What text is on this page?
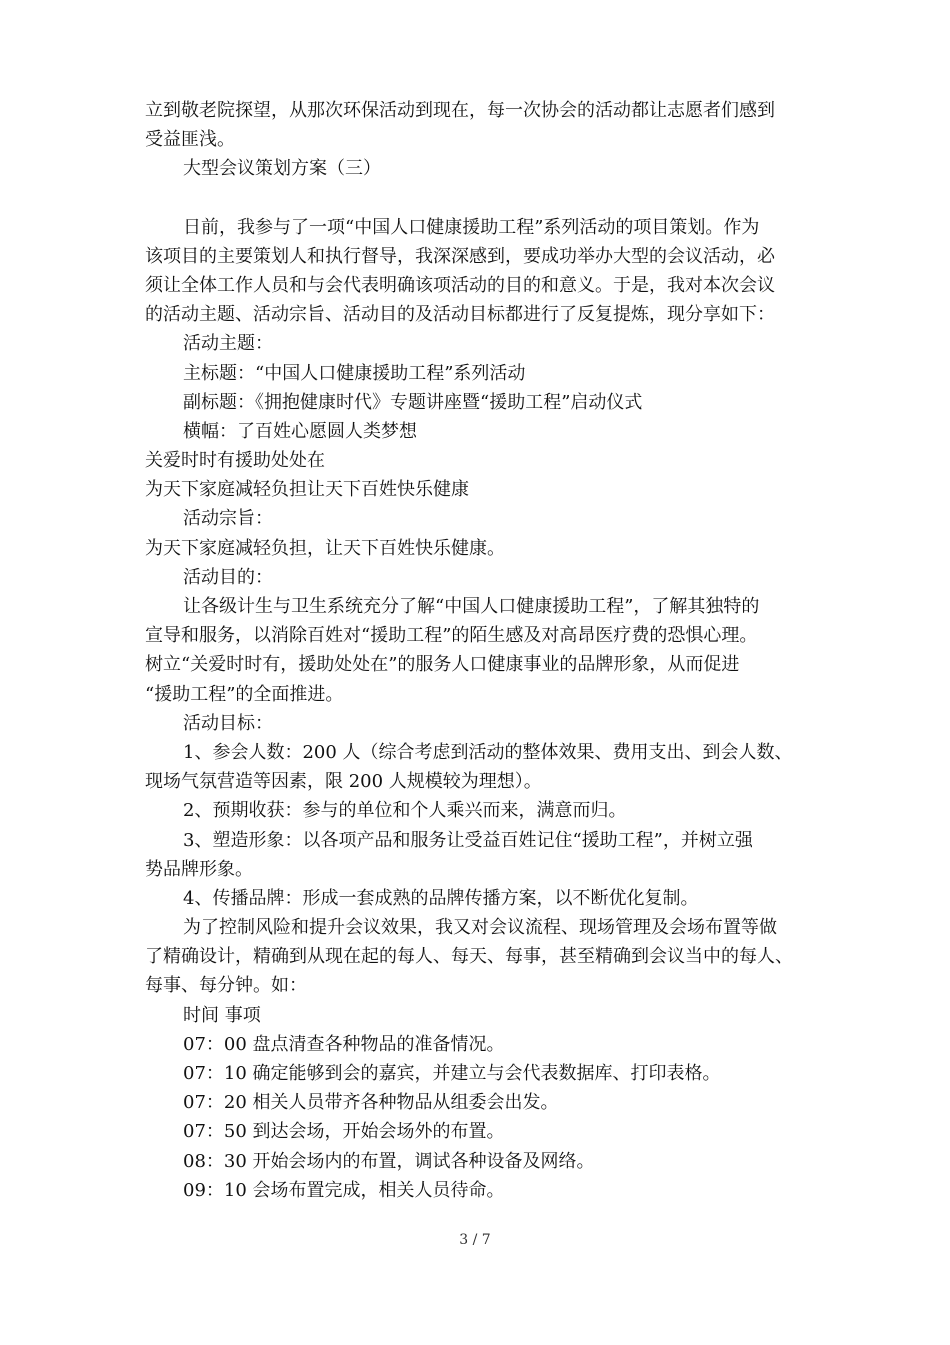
立到敬老院探望，从那次环保活动到现在，每一次协会的活动都让志愿者们感到
受益匪浅。
大型会议策划方案（三）
日前，我参与了一项“中国人口健康援助工程”系列活动的项目策划。作为
该项目的主要策划人和执行督导，我深深感到，要成功举办大型的会议活动，必
须让全体工作人员和与会代表明确该项活动的目的和意义。于是，我对本次会议
的活动主题、活动宗旨、活动目的及活动目标都进行了反复提炼，现分享如下：
活动主题：
主标题：“中国人口健康援助工程”系列活动
副标题：《拥抱健康时代》专题讲座暨“援助工程”启动仪式
横幅：了百姓心愿圆人类梦想
关爱时时有援助处处在
为天下家庭减轻负担让天下百姓快乐健康
活动宗旨：
为天下家庭减轻负担，让天下百姓快乐健康。
活动目的：
让各级计生与卫生系统充分了解“中国人口健康援助工程”，了解其独特的
宣导和服务，以消除百姓对“援助工程”的陌生感及对高昂医疗费的恐惧心理。
树立“关爱时时有，援助处处在”的服务人口健康事业的品牌形象，从而促进
“援助工程”的全面推进。
活动目标：
1、参会人数：200 人（综合考虑到活动的整体效果、费用支出、到会人数、
现场气氛营造等因素，限 200 人规模较为理想）。
2、预期收获：参与的单位和个人乘兴而来，满意而归。
3、塑造形象：以各项产品和服务让受益百姓记住“援助工程”，并树立强
势品牌形象。
4、传播品牌：形成一套成熟的品牌传播方案，以不断优化复制。
为了控制风险和提升会议效果，我又对会议流程、现场管理及会场布置等做
了精确设计，精确到从现在起的每人、每天、每事，甚至精确到会议当中的每人、
每事、每分钟。如：
时间 事项
07：00 盘点清查各种物品的准备情况。
07：10 确定能够到会的嘉宾，并建立与会代表数据库、打印表格。
07：20 相关人员带齐各种物品从组委会出发。
07：50 到达会场，开始会场外的布置。
08：30 开始会场内的布置，调试各种设备及网络。
09：10 会场布置完成，相关人员待命。
3 / 7
